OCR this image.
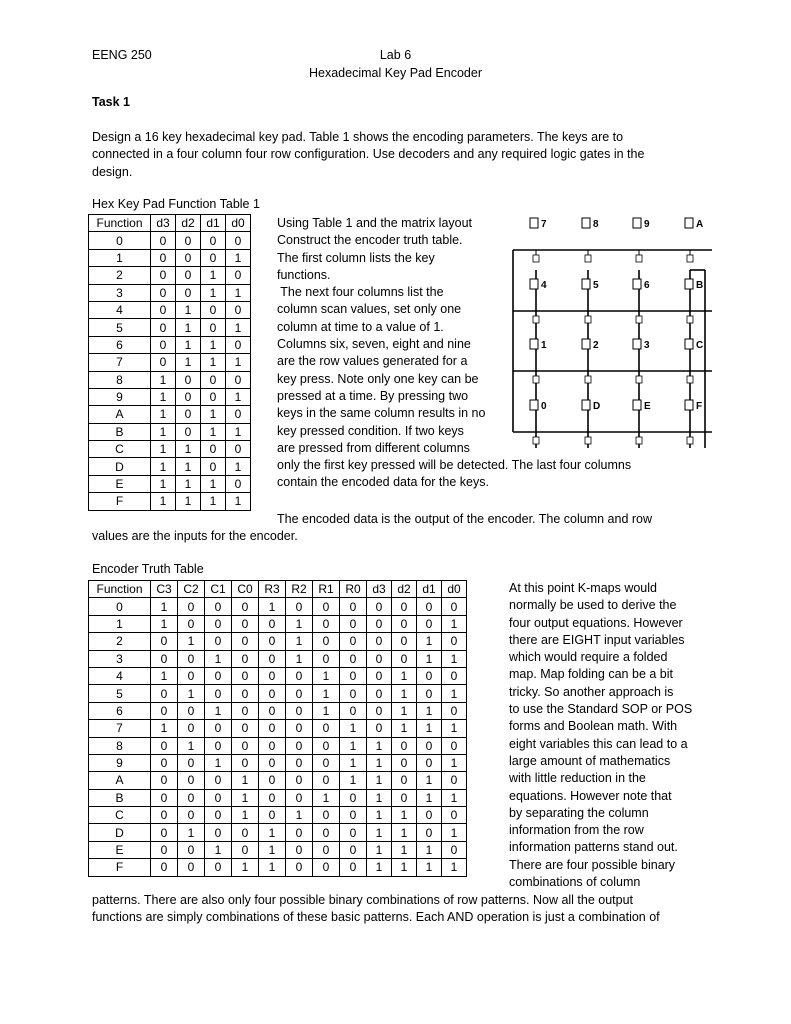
EENG 250	Lab 6
Hexadecimal Key Pad Encoder
Task 1
Design a 16 key hexadecimal key pad. Table 1 shows the encoding parameters. The keys are to
connected in a four column four row configuration. Use decoders and any required logic gates in the
design.
Hex Key Pad Function Table 1
Function	d3	d2	d1	d0
0	0	0	0	0
1	0	0	0	1
2	0	0	1	0
3	0	0	1	1
4	0	1	0	0
5	0	1	0	1
6	0	1	1	0
7	0	1	1	1
8	1	0	0	0
9	1	0	0	1
A	1	0	1	0
B	1	0	1	1
C	1	1	0	0
D	1	1	0	1
E	1	1	1	0
F	1	1	1	1
Using Table 1 and the matrix layout
Construct the encoder truth table.
The first column lists the key
functions.
The next four columns list the
column scan values, set only one
column at time to a value of 1.
Columns six, seven, eight and nine
are the row values generated for a
key press. Note only one key can be
pressed at a time. By pressing two
keys in the same column results in no
key pressed condition. If two keys
are pressed from different columns
only the first key pressed will be detected. The last four columns
contain the encoded data for the keys.
7	8	9	A
4	5	6	B
1	2	3	C
0	D	E	F
The encoded data is the output of the encoder. The column and row
values are the inputs for the encoder.
Encoder Truth Table
Function	C3	C2	C1	C0	R3	R2	R1	R0	d3	d2	d1	d0
0	1	0	0	0	1	0	0	0	0	0	0	0
1	1	0	0	0	0	1	0	0	0	0	0	1
2	0	1	0	0	0	1	0	0	0	0	1	0
3	0	0	1	0	0	1	0	0	0	0	1	1
4	1	0	0	0	0	0	1	0	0	1	0	0
5	0	1	0	0	0	0	1	0	0	1	0	1
6	0	0	1	0	0	0	1	0	0	1	1	0
7	1	0	0	0	0	0	0	1	0	1	1	1
8	0	1	0	0	0	0	0	1	1	0	0	0
9	0	0	1	0	0	0	0	1	1	0	0	1
A	0	0	0	1	0	0	0	1	1	0	1	0
B	0	0	0	1	0	0	1	0	1	0	1	1
C	0	0	0	1	0	1	0	0	1	1	0	0
D	0	1	0	0	1	0	0	0	1	1	0	1
E	0	0	1	0	1	0	0	0	1	1	1	0
F	0	0	0	1	1	0	0	0	1	1	1	1
At this point K-maps would
normally be used to derive the
four output equations. However
there are EIGHT input variables
which would require a folded
map. Map folding can be a bit
tricky. So another approach is
to use the Standard SOP or POS
forms and Boolean math. With
eight variables this can lead to a
large amount of mathematics
with little reduction in the
equations. However note that
by separating the column
information from the row
information patterns stand out.
There are four possible binary
combinations of column
patterns. There are also only four possible binary combinations of row patterns. Now all the output
functions are simply combinations of these basic patterns. Each AND operation is just a combination of
